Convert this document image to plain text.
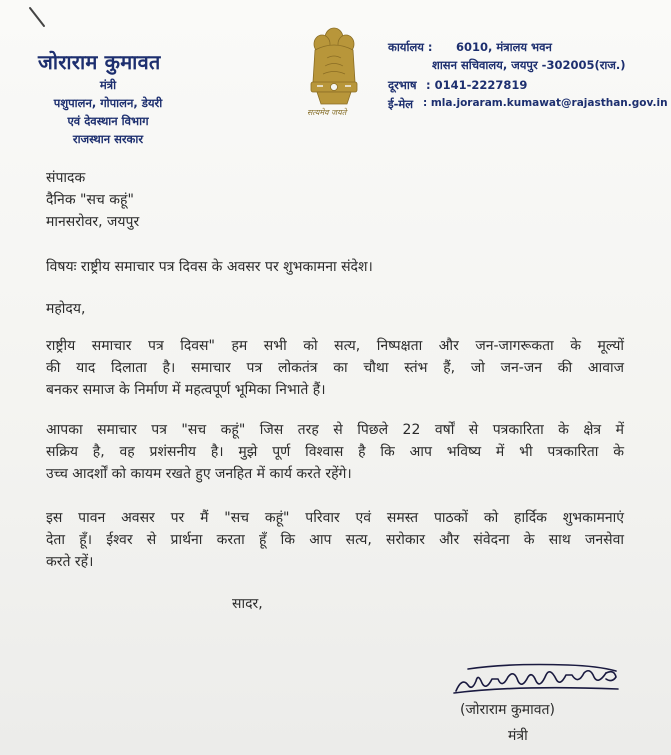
जोराराम कुमावत
मंत्री
पशुपालन, गोपालन, डेयरी
एवं देवस्थान विभाग
राजस्थान सरकार
सत्यमेव जयते
कार्यालय : 6010, मंत्रालय भवन
शासन सचिवालय, जयपुर -302005(राज.)
दूरभाष : 0141-2227819
ई-मेल : mla.joraram.kumawat@rajasthan.gov.in
संपादक
दैनिक "सच कहूं"
मानसरोवर, जयपुर
विषयः राष्ट्रीय समाचार पत्र दिवस के अवसर पर शुभकामना संदेश।
महोदय,
राष्ट्रीय समाचार पत्र दिवस" हम सभी को सत्य, निष्पक्षता और जन-जागरूकता के मूल्यों
की याद दिलाता है। समाचार पत्र लोकतंत्र का चौथा स्तंभ हैं, जो जन-जन की आवाज
बनकर समाज के निर्माण में महत्वपूर्ण भूमिका निभाते हैं।
आपका समाचार पत्र "सच कहूं" जिस तरह से पिछले 22 वर्षों से पत्रकारिता के क्षेत्र में
सक्रिय है, वह प्रशंसनीय है। मुझे पूर्ण विश्वास है कि आप भविष्य में भी पत्रकारिता के
उच्च आदर्शों को कायम रखते हुए जनहित में कार्य करते रहेंगे।
इस पावन अवसर पर मैं "सच कहूं" परिवार एवं समस्त पाठकों को हार्दिक शुभकामनाएं
देता हूँ। ईश्वर से प्रार्थना करता हूँ कि आप सत्य, सरोकार और संवेदना के साथ जनसेवा
करते रहें।
सादर,
(जोराराम कुमावत)
मंत्री
